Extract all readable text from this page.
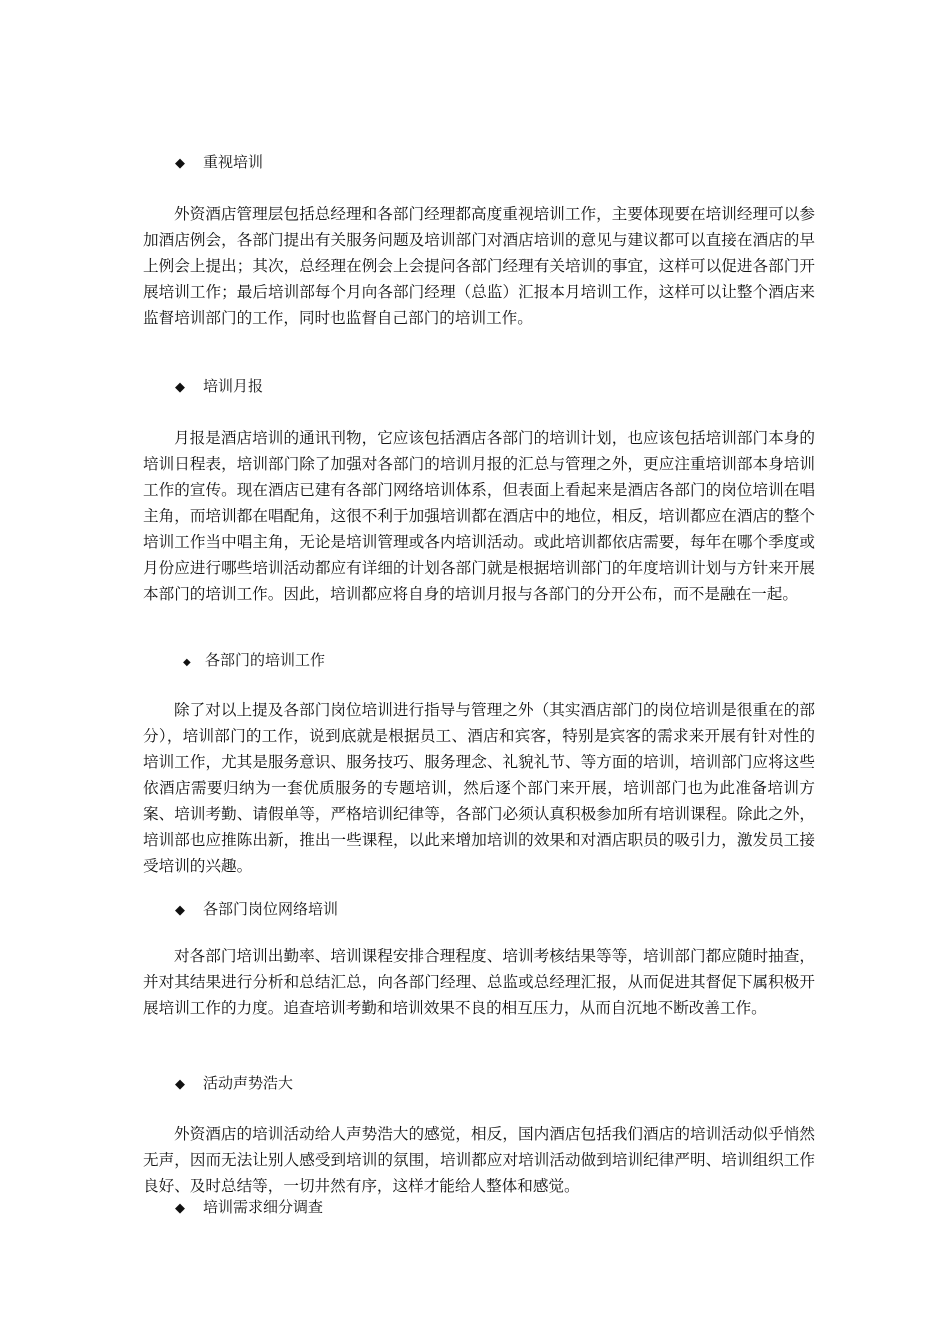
◆ 重视培训

外资酒店管理层包括总经理和各部门经理都高度重视培训工作，主要体现要在培训经理可以参加酒店例会，各部门提出有关服务问题及培训部门对酒店培训的意见与建议都可以直接在酒店的早上例会上提出；其次，总经理在例会上会提问各部门经理有关培训的事宜，这样可以促进各部门开展培训工作；最后培训部每个月向各部门经理（总监）汇报本月培训工作，这样可以让整个酒店来监督培训部门的工作，同时也监督自己部门的培训工作。

◆ 培训月报

月报是酒店培训的通讯刊物，它应该包括酒店各部门的培训计划，也应该包括培训部门本身的培训日程表，培训部门除了加强对各部门的培训月报的汇总与管理之外，更应注重培训部本身培训工作的宣传。现在酒店已建有各部门网络培训体系，但表面上看起来是酒店各部门的岗位培训在唱主角，而培训都在唱配角，这很不利于加强培训都在酒店中的地位，相反，培训都应在酒店的整个培训工作当中唱主角，无论是培训管理或各内培训活动。或此培训都依店需要，每年在哪个季度或月份应进行哪些培训活动都应有详细的计划各部门就是根据培训部门的年度培训计划与方针来开展本部门的培训工作。因此，培训都应将自身的培训月报与各部门的分开公布，而不是融在一起。

◆ 各部门的培训工作

除了对以上提及各部门岗位培训进行指导与管理之外（其实酒店部门的岗位培训是很重在的部分），培训部门的工作，说到底就是根据员工、酒店和宾客，特别是宾客的需求来开展有针对性的培训工作，尤其是服务意识、服务技巧、服务理念、礼貌礼节、等方面的培训，培训部门应将这些依酒店需要归纳为一套优质服务的专题培训，然后逐个部门来开展，培训部门也为此准备培训方案、培训考勤、请假单等，严格培训纪律等，各部门必须认真积极参加所有培训课程。除此之外，培训部也应推陈出新，推出一些课程，以此来增加培训的效果和对酒店职员的吸引力，激发员工接受培训的兴趣。

◆ 各部门岗位网络培训

对各部门培训出勤率、培训课程安排合理程度、培训考核结果等等，培训部门都应随时抽查，并对其结果进行分析和总结汇总，向各部门经理、总监或总经理汇报，从而促进其督促下属积极开展培训工作的力度。追查培训考勤和培训效果不良的相互压力，从而自沉地不断改善工作。

◆ 活动声势浩大

外资酒店的培训活动给人声势浩大的感觉，相反，国内酒店包括我们酒店的培训活动似乎悄然无声，因而无法让别人感受到培训的氛围，培训都应对培训活动做到培训纪律严明、培训组织工作良好、及时总结等，一切井然有序，这样才能给人整体和感觉。

◆ 培训需求细分调查
